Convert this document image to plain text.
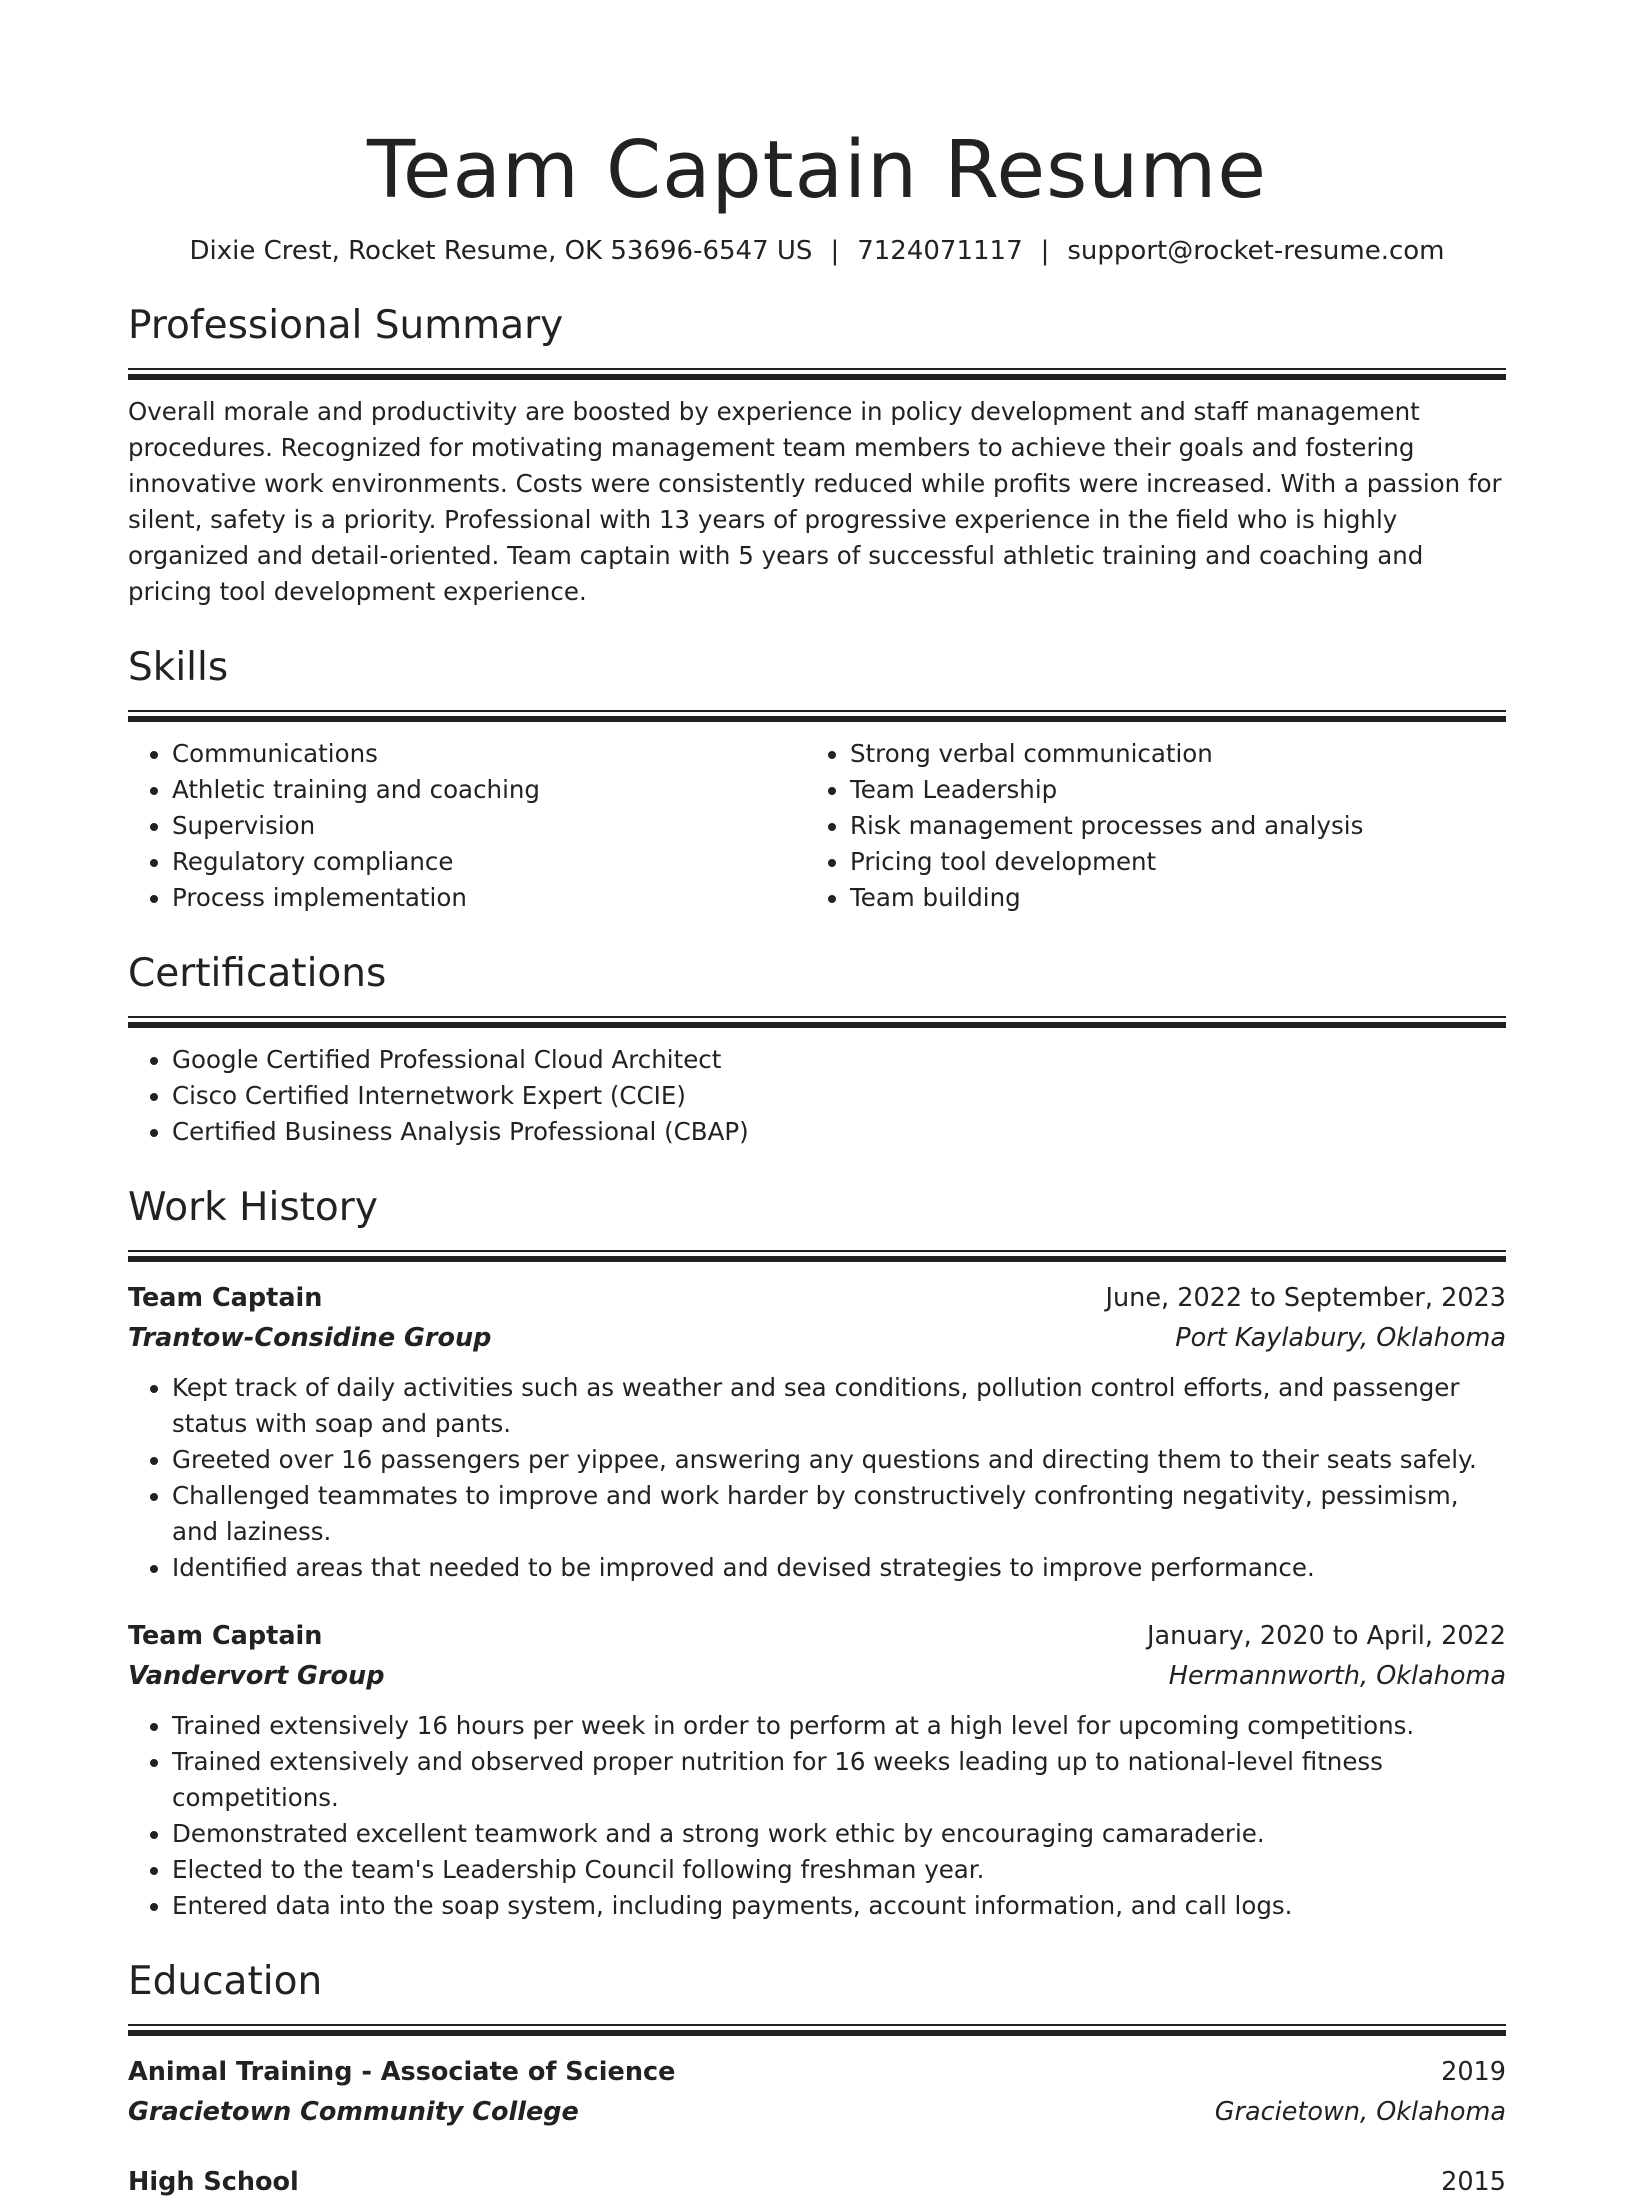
Team Captain Resume
Dixie Crest, Rocket Resume, OK 53696-6547 US | 7124071117 | support@rocket-resume.com
Professional Summary
Overall morale and productivity are boosted by experience in policy development and staff management procedures. Recognized for motivating management team members to achieve their goals and fostering innovative work environments. Costs were consistently reduced while profits were increased. With a passion for silent, safety is a priority. Professional with 13 years of progressive experience in the field who is highly organized and detail-oriented. Team captain with 5 years of successful athletic training and coaching and pricing tool development experience.
Skills
• Communications
• Athletic training and coaching
• Supervision
• Regulatory compliance
• Process implementation
• Strong verbal communication
• Team Leadership
• Risk management processes and analysis
• Pricing tool development
• Team building
Certifications
• Google Certified Professional Cloud Architect
• Cisco Certified Internetwork Expert (CCIE)
• Certified Business Analysis Professional (CBAP)
Work History
Team Captain	June, 2022 to September, 2023
Trantow-Considine Group	Port Kaylabury, Oklahoma
• Kept track of daily activities such as weather and sea conditions, pollution control efforts, and passenger status with soap and pants.
• Greeted over 16 passengers per yippee, answering any questions and directing them to their seats safely.
• Challenged teammates to improve and work harder by constructively confronting negativity, pessimism, and laziness.
• Identified areas that needed to be improved and devised strategies to improve performance.
Team Captain	January, 2020 to April, 2022
Vandervort Group	Hermannworth, Oklahoma
• Trained extensively 16 hours per week in order to perform at a high level for upcoming competitions.
• Trained extensively and observed proper nutrition for 16 weeks leading up to national-level fitness competitions.
• Demonstrated excellent teamwork and a strong work ethic by encouraging camaraderie.
• Elected to the team's Leadership Council following freshman year.
• Entered data into the soap system, including payments, account information, and call logs.
Education
Animal Training - Associate of Science	2019
Gracietown Community College	Gracietown, Oklahoma
High School	2015
